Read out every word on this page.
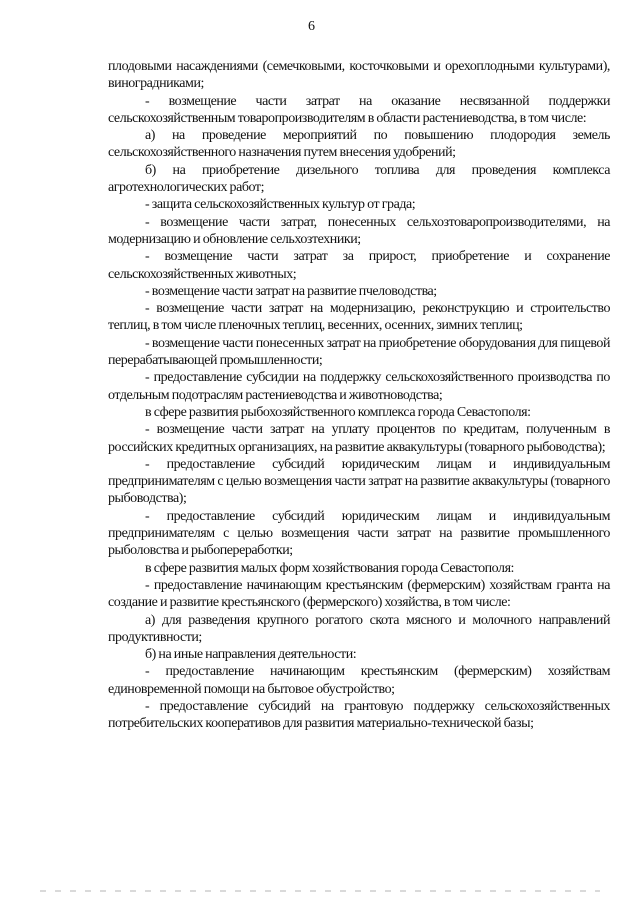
6

плодовыми насаждениями (семечковыми, косточковыми и орехоплодными культурами), виноградниками;

- возмещение части затрат на оказание несвязанной поддержки сельскохозяйственным товаропроизводителям в области растениеводства, в том числе:

а) на проведение мероприятий по повышению плодородия земель сельскохозяйственного назначения путем внесения удобрений;

б) на приобретение дизельного топлива для проведения комплекса агротехнологических работ;

- защита сельскохозяйственных культур от града;

- возмещение части затрат, понесенных сельхозтоваропроизводителями, на модернизацию и обновление сельхозтехники;

- возмещение части затрат за прирост, приобретение и сохранение сельскохозяйственных животных;

- возмещение части затрат на развитие пчеловодства;

- возмещение части затрат на модернизацию, реконструкцию и строительство теплиц, в том числе пленочных теплиц, весенних, осенних, зимних теплиц;

- возмещение части понесенных затрат на приобретение оборудования для пищевой перерабатывающей промышленности;

- предоставление субсидии на поддержку сельскохозяйственного производства по отдельным подотраслям растениеводства и животноводства;

в сфере развития рыбохозяйственного комплекса города Севастополя:

- возмещение части затрат на уплату процентов по кредитам, полученным в российских кредитных организациях, на развитие аквакультуры (товарного рыбоводства);

- предоставление субсидий юридическим лицам и индивидуальным предпринимателям с целью возмещения части затрат на развитие аквакультуры (товарного рыбоводства);

- предоставление субсидий юридическим лицам и индивидуальным предпринимателям с целью возмещения части затрат на развитие промышленного рыболовства и рыбопереработки;

в сфере развития малых форм хозяйствования города Севастополя:

- предоставление начинающим крестьянским (фермерским) хозяйствам гранта на создание и развитие крестьянского (фермерского) хозяйства, в том числе:

а) для разведения крупного рогатого скота мясного и молочного направлений продуктивности;

б) на иные направления деятельности:

- предоставление начинающим крестьянским (фермерским) хозяйствам единовременной помощи на бытовое обустройство;

- предоставление субсидий на грантовую поддержку сельскохозяйственных потребительских кооперативов для развития материально-технической базы;
